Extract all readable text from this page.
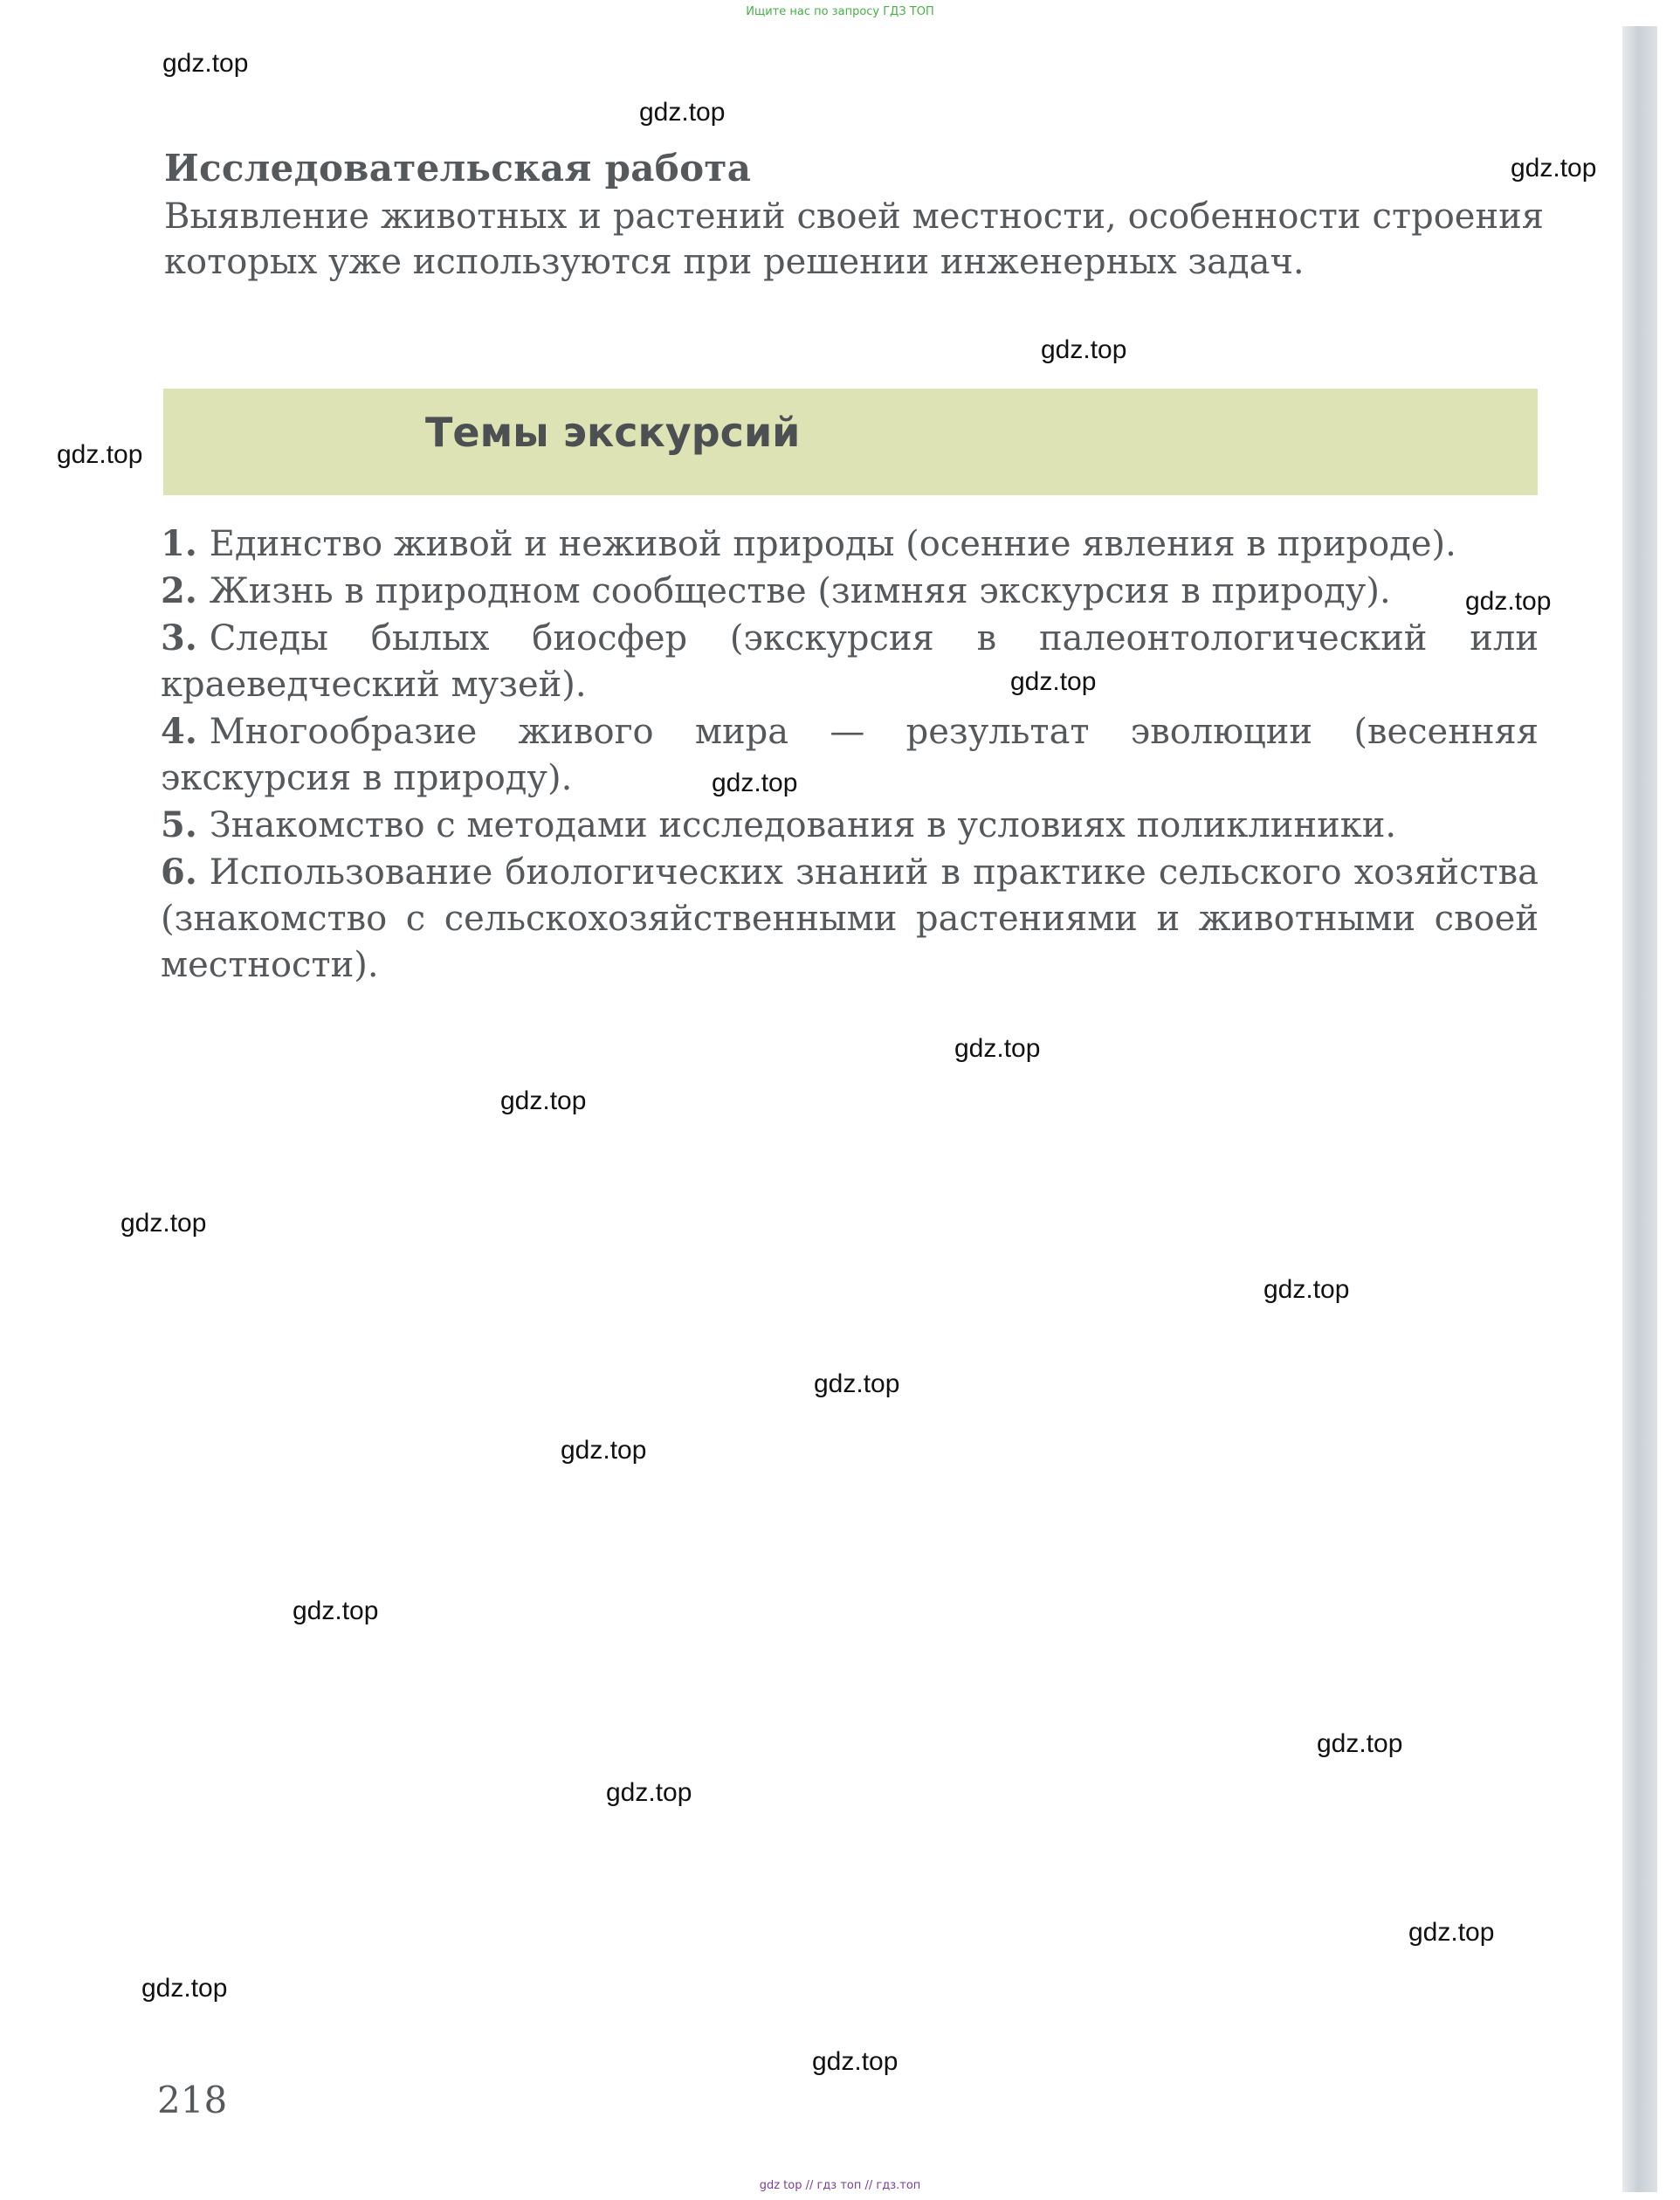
Ищите нас по запросу ГДЗ ТОП
Исследовательская работа
Выявление животных и растений своей местности, особенности строения которых уже используются при решении инженерных задач.
Темы экскурсий
1. Единство живой и неживой природы (осенние явления в природе).
2. Жизнь в природном сообществе (зимняя экскурсия в природу).
3. Следы былых биосфер (экскурсия в палеонтологический или краеведческий музей).
4. Многообразие живого мира — результат эволюции (весенняя экскурсия в природу).
5. Знакомство с методами исследования в условиях поликлиники.
6. Использование биологических знаний в практике сельского хозяйства (знакомство с сельскохозяйственными растениями и животными своей местности).
218
gdz.top
gdz.top
gdz.top
gdz.top
gdz.top
gdz.top
gdz.top
gdz.top
gdz.top
gdz.top
gdz.top
gdz.top
gdz.top
gdz.top
gdz.top
gdz.top
gdz.top
gdz.top
gdz.top
gdz.top
gdz top // гдз топ // гдз.топ
